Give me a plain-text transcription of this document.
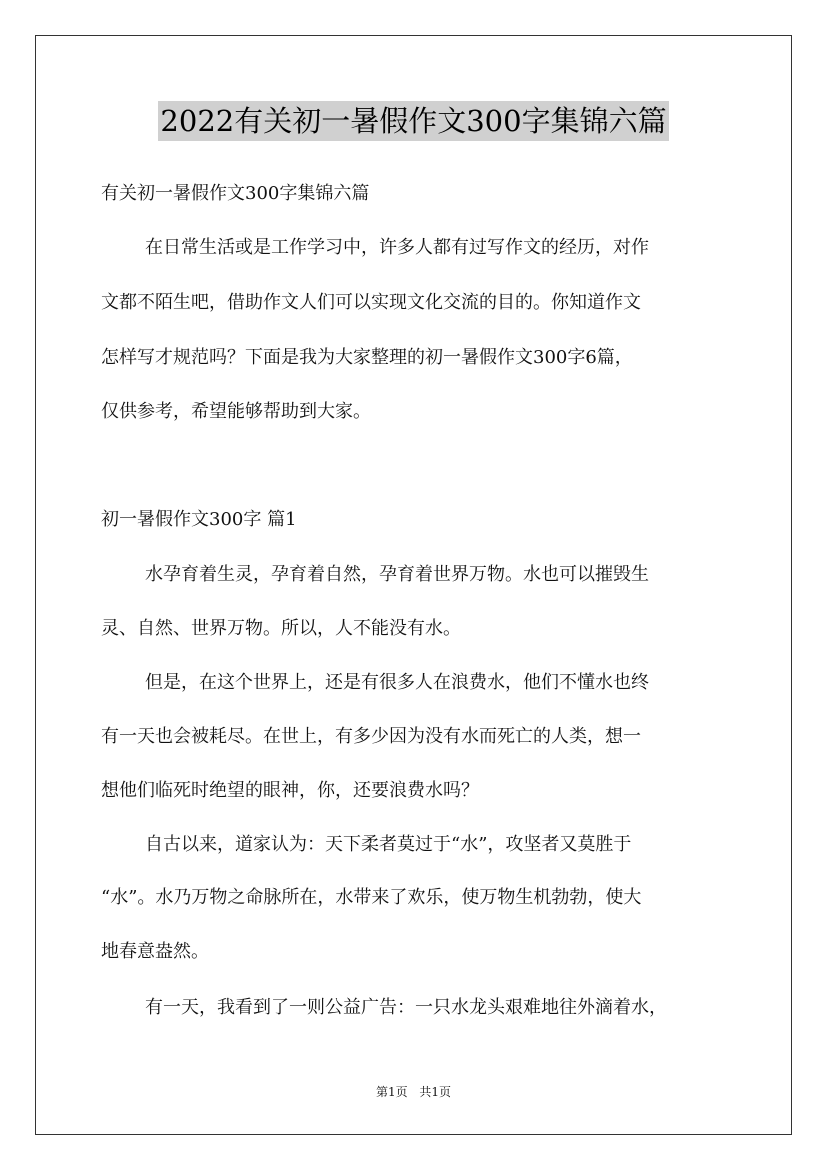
2022有关初一暑假作文300字集锦六篇
有关初一暑假作文300字集锦六篇
在日常生活或是工作学习中，许多人都有过写作文的经历，对作
文都不陌生吧，借助作文人们可以实现文化交流的目的。你知道作文
怎样写才规范吗？下面是我为大家整理的初一暑假作文300字6篇，
仅供参考，希望能够帮助到大家。
初一暑假作文300字 篇1
水孕育着生灵，孕育着自然，孕育着世界万物。水也可以摧毁生
灵、自然、世界万物。所以，人不能没有水。
但是，在这个世界上，还是有很多人在浪费水，他们不懂水也终
有一天也会被耗尽。在世上，有多少因为没有水而死亡的人类，想一
想他们临死时绝望的眼神，你，还要浪费水吗？
自古以来，道家认为：天下柔者莫过于“水”，攻坚者又莫胜于
“水”。水乃万物之命脉所在，水带来了欢乐，使万物生机勃勃，使大
地春意盎然。
有一天，我看到了一则公益广告：一只水龙头艰难地往外滴着水，
第1页 共1页
